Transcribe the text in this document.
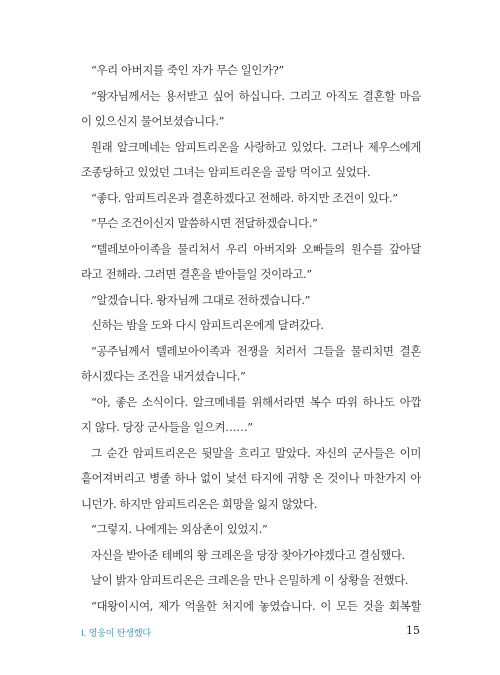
“우리 아버지를 죽인 자가 무슨 일인가?”
“왕자님께서는 용서받고 싶어 하십니다. 그리고 아직도 결혼할 마음
이 있으신지 물어보셨습니다.”
원래 알크메네는 암피트리온을 사랑하고 있었다. 그러나 제우스에게
조종당하고 있었던 그녀는 암피트리온을 골탕 먹이고 싶었다.
“좋다. 암피트리온과 결혼하겠다고 전해라. 하지만 조건이 있다.”
“무슨 조건이신지 말씀하시면 전달하겠습니다.”
“텔레보아이족을 물리쳐서 우리 아버지와 오빠들의 원수를 갚아달
라고 전해라. 그러면 결혼을 받아들일 것이라고.”
“알겠습니다. 왕자님께 그대로 전하겠습니다.”
신하는 밤을 도와 다시 암피트리온에게 달려갔다.
“공주님께서 텔레보아이족과 전쟁을 치러서 그들을 물리치면 결혼
하시겠다는 조건을 내거셨습니다.”
“아, 좋은 소식이다. 알크메네를 위해서라면 복수 따위 하나도 아깝
지 않다. 당장 군사들을 일으켜……”
그 순간 암피트리온은 뒷말을 흐리고 말았다. 자신의 군사들은 이미
흩어져버리고 병졸 하나 없이 낯선 타지에 귀향 온 것이나 마찬가지 아
니던가. 하지만 암피트리온은 희망을 잃지 않았다.
“그렇지. 나에게는 외삼촌이 있었지.”
자신을 받아준 테베의 왕 크레온을 당장 찾아가야겠다고 결심했다.
날이 밝자 암피트리온은 크레온을 만나 은밀하게 이 상황을 전했다.
“대왕이시여, 제가 억울한 처지에 놓였습니다. 이 모든 것을 회복할
I. 영웅이 탄생했다	15
